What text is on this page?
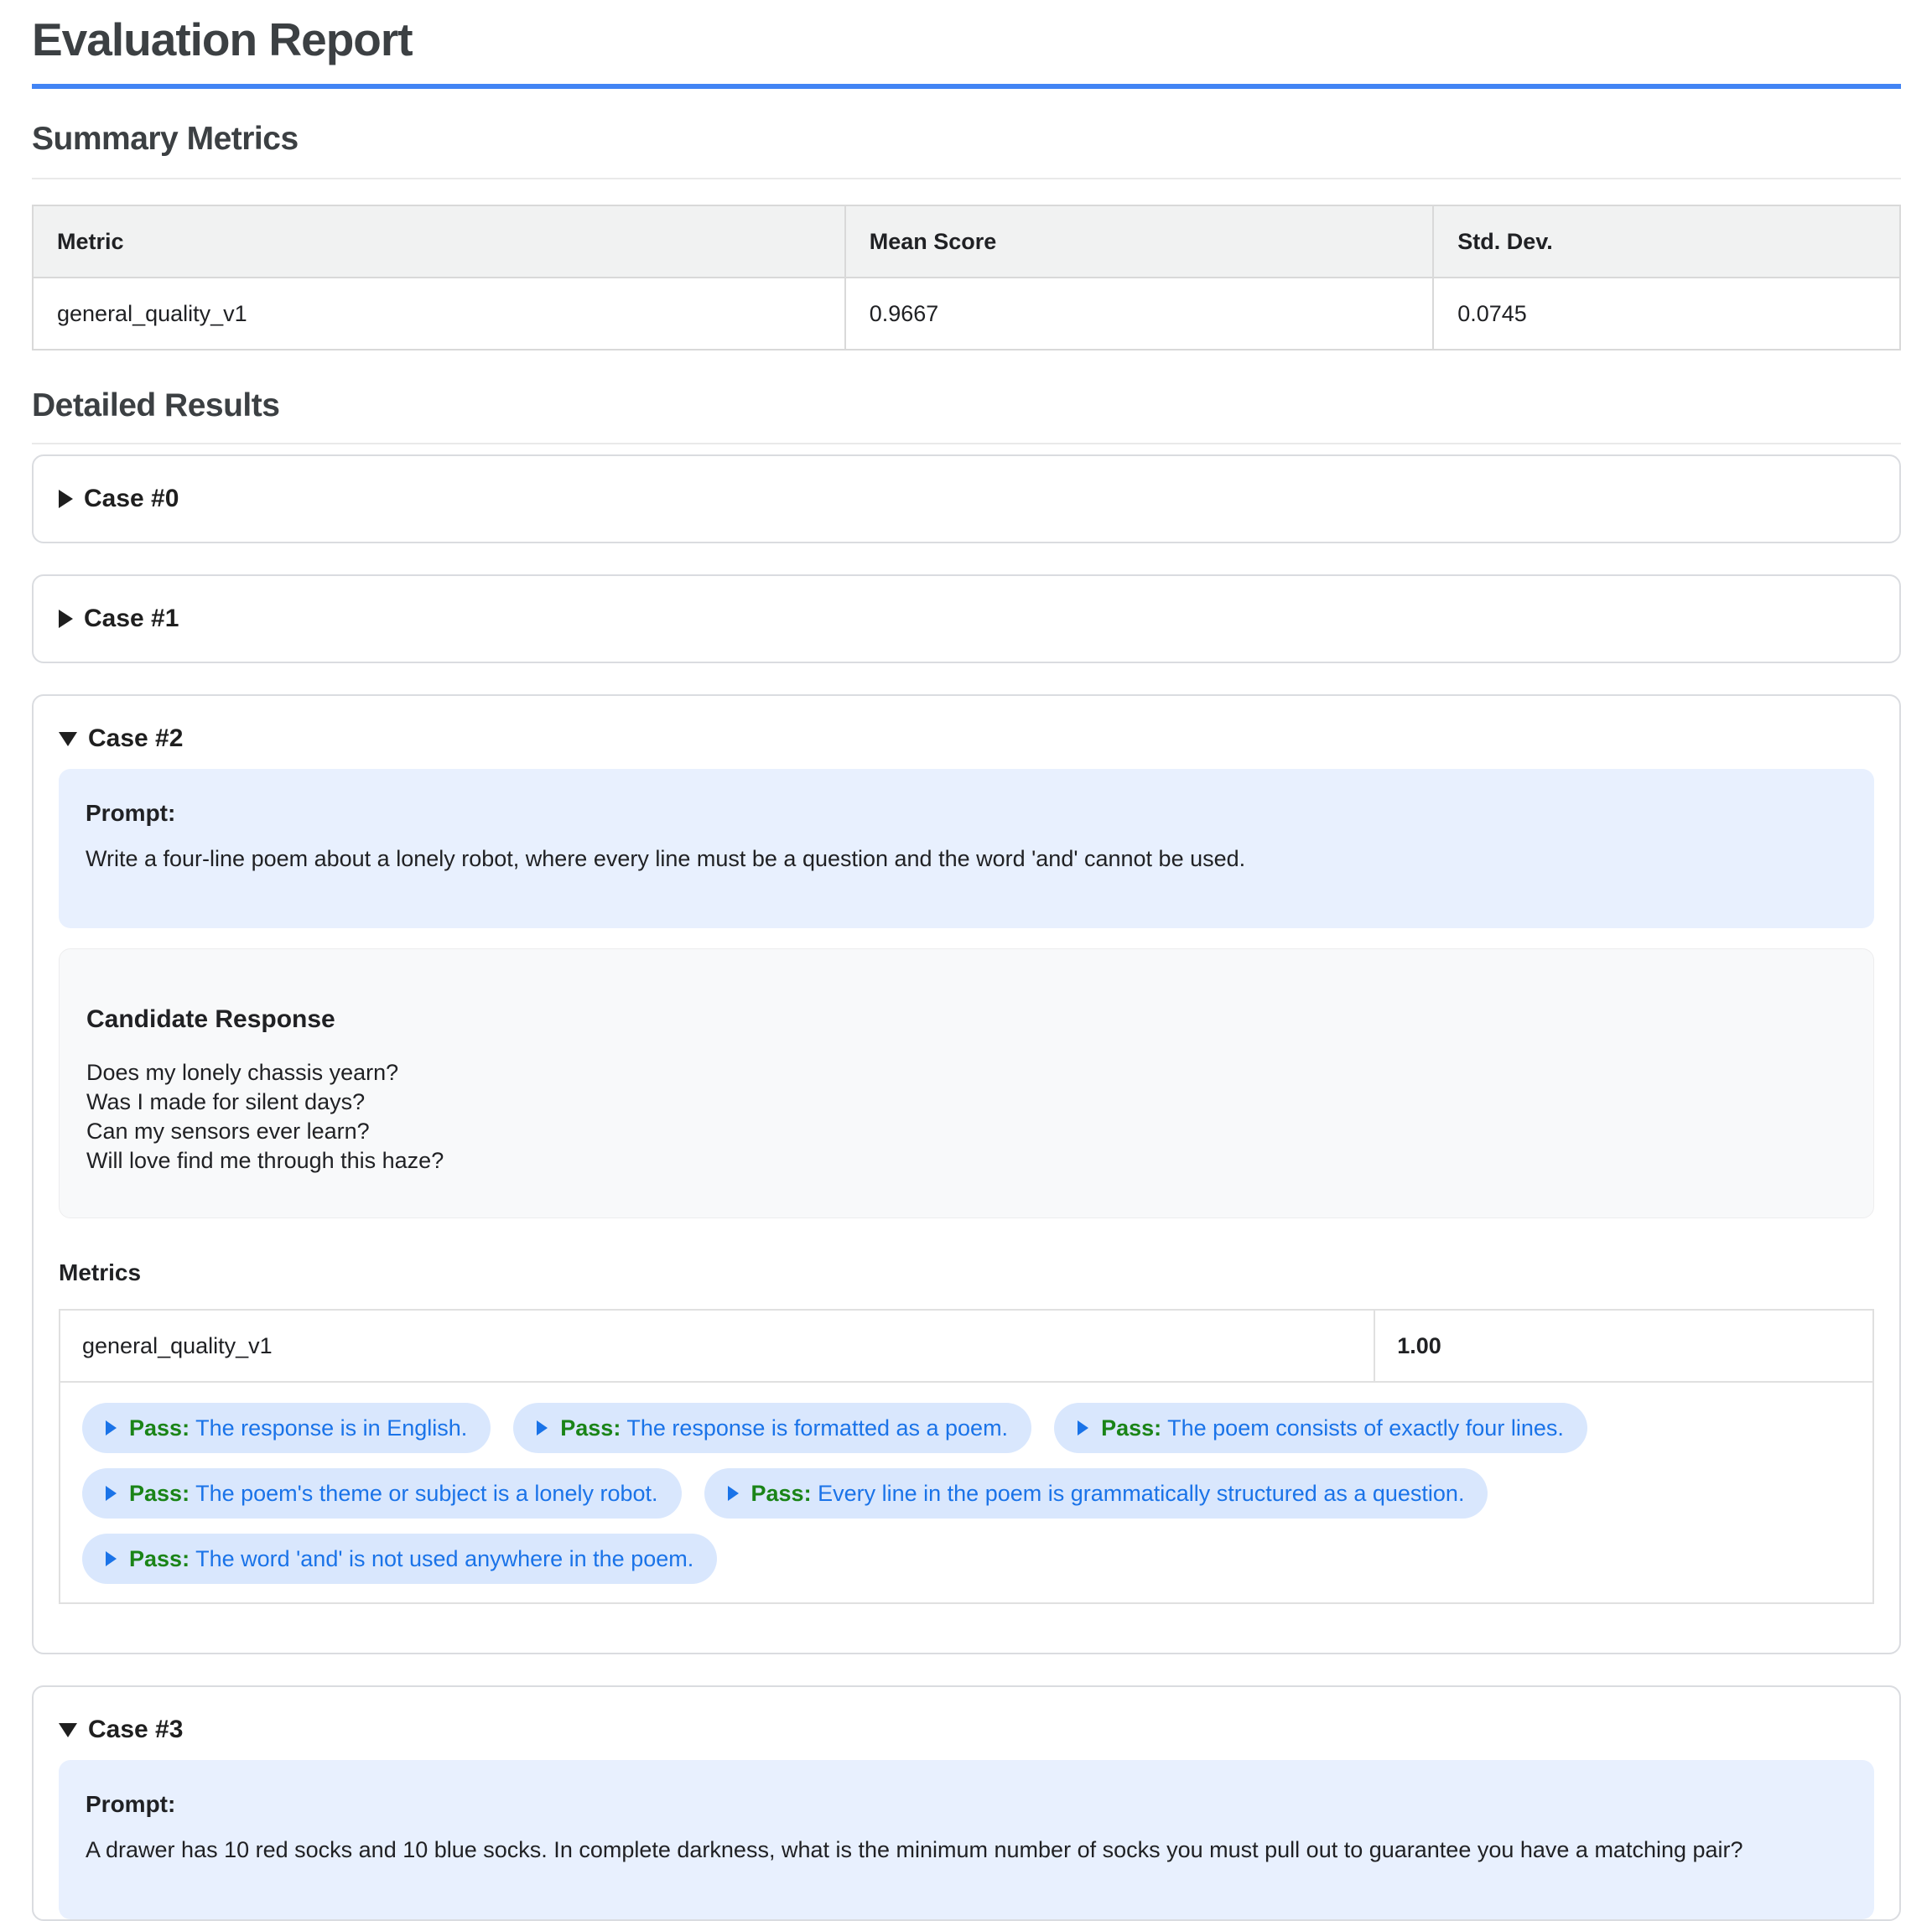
Evaluation Report
Summary Metrics
Metric	Mean Score	Std. Dev.
general_quality_v1	0.9667	0.0745
Detailed Results
Case #0
Case #1
Case #2
Prompt:
Write a four-line poem about a lonely robot, where every line must be a question and the word 'and' cannot be used.
Candidate Response
Does my lonely chassis yearn?
Was I made for silent days?
Can my sensors ever learn?
Will love find me through this haze?
Metrics
general_quality_v1	1.00

Pass: The response is in English.	Pass: The response is formatted as a poem.	Pass: The poem consists of exactly four lines.
Pass: The poem's theme or subject is a lonely robot.	Pass: Every line in the poem is grammatically structured as a question.
Pass: The word 'and' is not used anywhere in the poem.
Case #3
Prompt:
A drawer has 10 red socks and 10 blue socks. In complete darkness, what is the minimum number of socks you must pull out to guarantee you have a matching pair?
